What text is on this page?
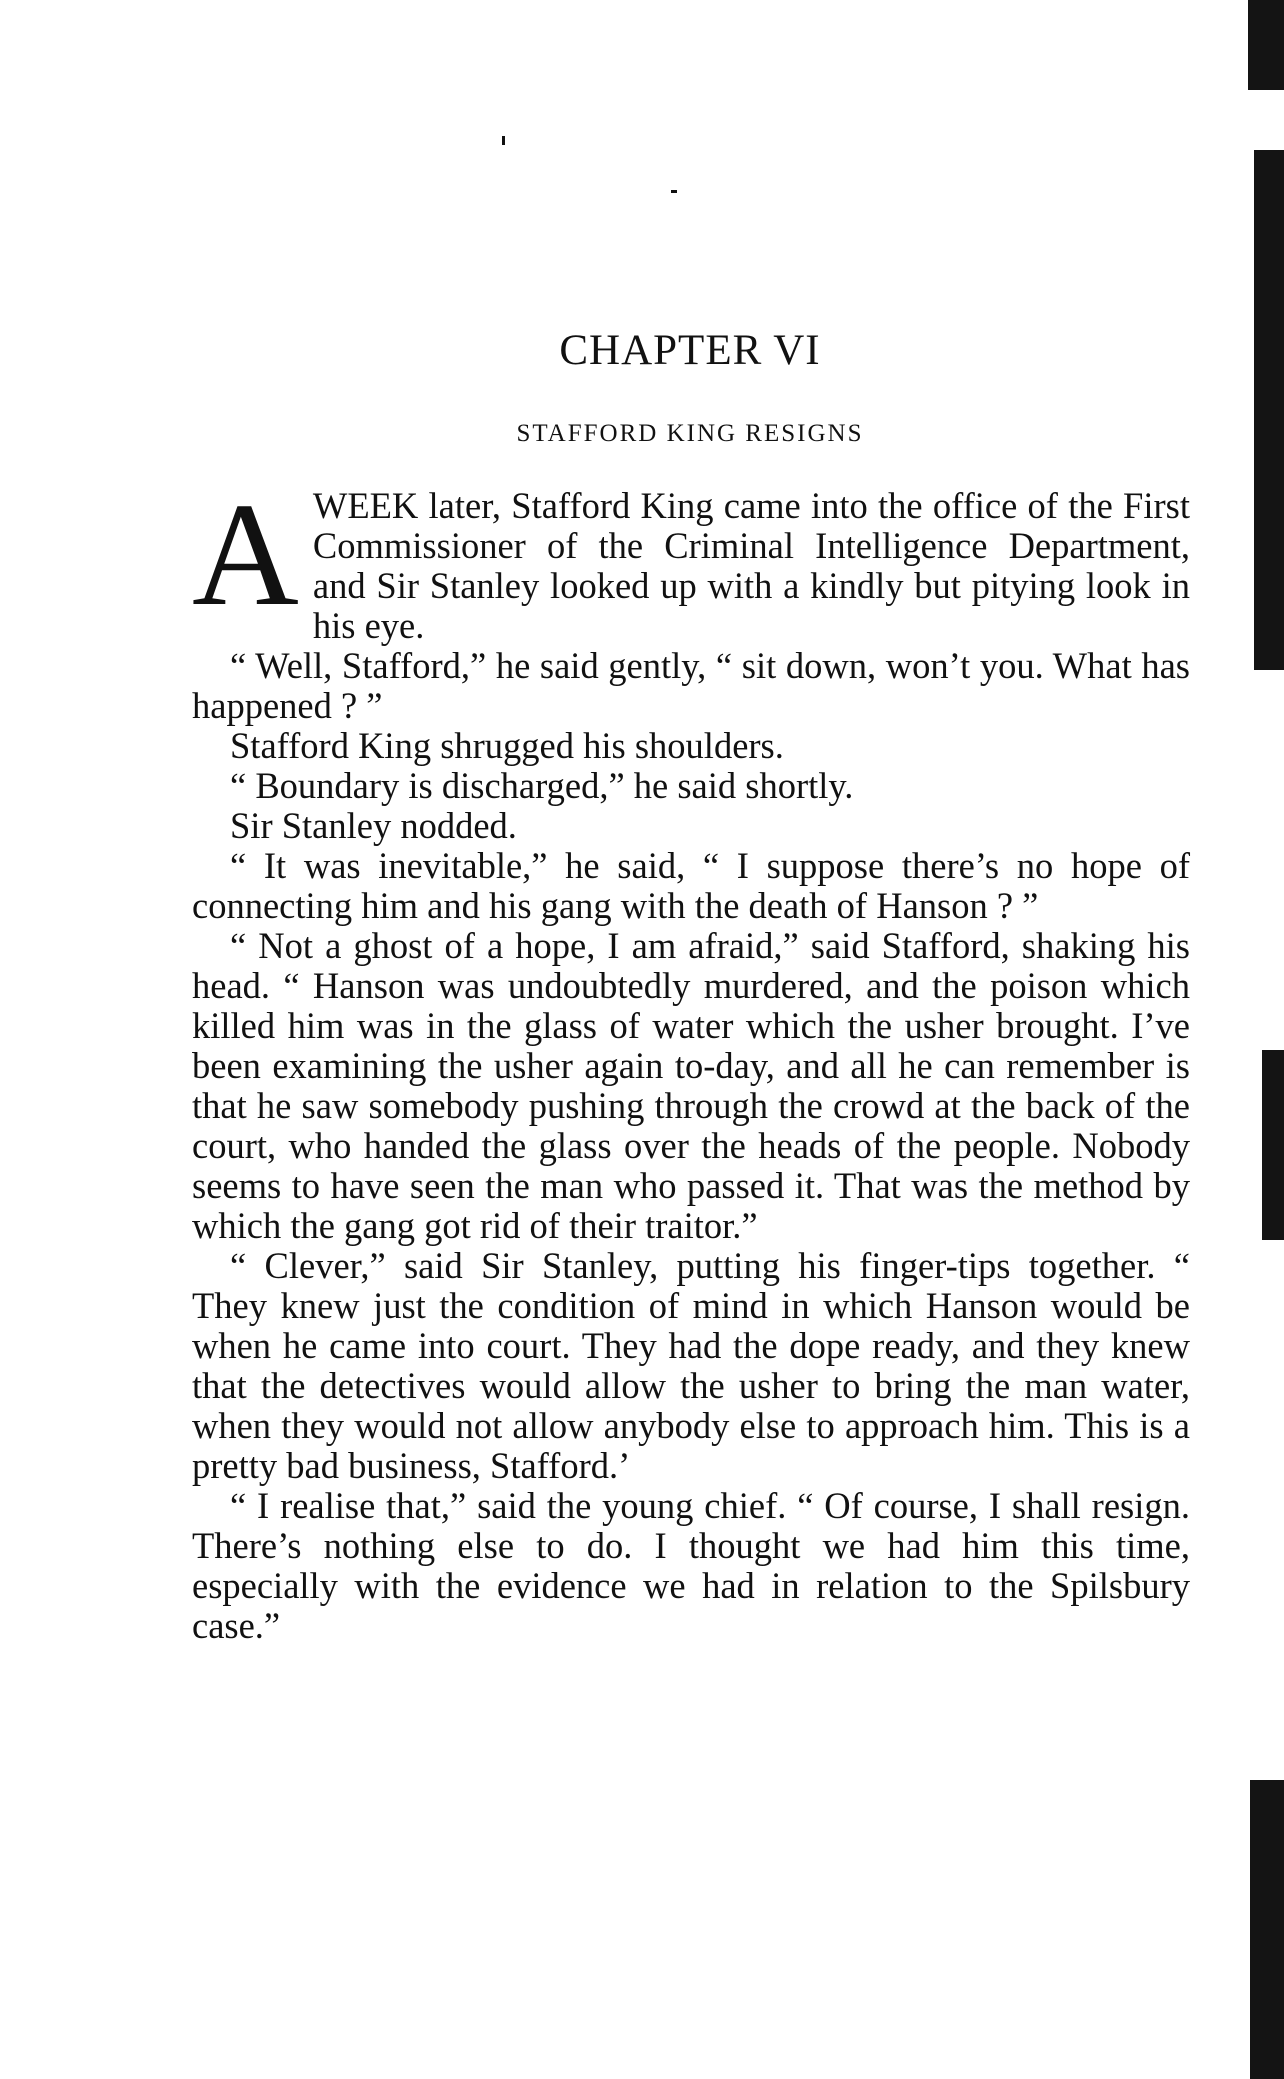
CHAPTER VI
STAFFORD KING RESIGNS

AWEEK later, Stafford King came into the office of the First Commissioner of the Criminal Intelligence Department, and Sir Stanley looked up with a kindly but pitying look in his eye.

“ Well, Stafford,” he said gently, “ sit down, won’t you. What has happened ? ”

Stafford King shrugged his shoulders.

“ Boundary is discharged,” he said shortly.

Sir Stanley nodded.

“ It was inevitable,” he said, “ I suppose there’s no hope of connecting him and his gang with the death of Hanson ? ”

“ Not a ghost of a hope, I am afraid,” said Stafford, shaking his head. “ Hanson was undoubtedly murdered, and the poison which killed him was in the glass of water which the usher brought. I’ve been examining the usher again to-day, and all he can remember is that he saw somebody pushing through the crowd at the back of the court, who handed the glass over the heads of the people. Nobody seems to have seen the man who passed it. That was the method by which the gang got rid of their traitor.”

“ Clever,” said Sir Stanley, putting his finger-tips together. “ They knew just the condition of mind in which Hanson would be when he came into court. They had the dope ready, and they knew that the detectives would allow the usher to bring the man water, when they would not allow anybody else to approach him. This is a pretty bad business, Stafford.’

“ I realise that,” said the young chief. “ Of course, I shall resign. There’s nothing else to do. I thought we had him this time, especially with the evidence we had in relation to the Spilsbury case.”
